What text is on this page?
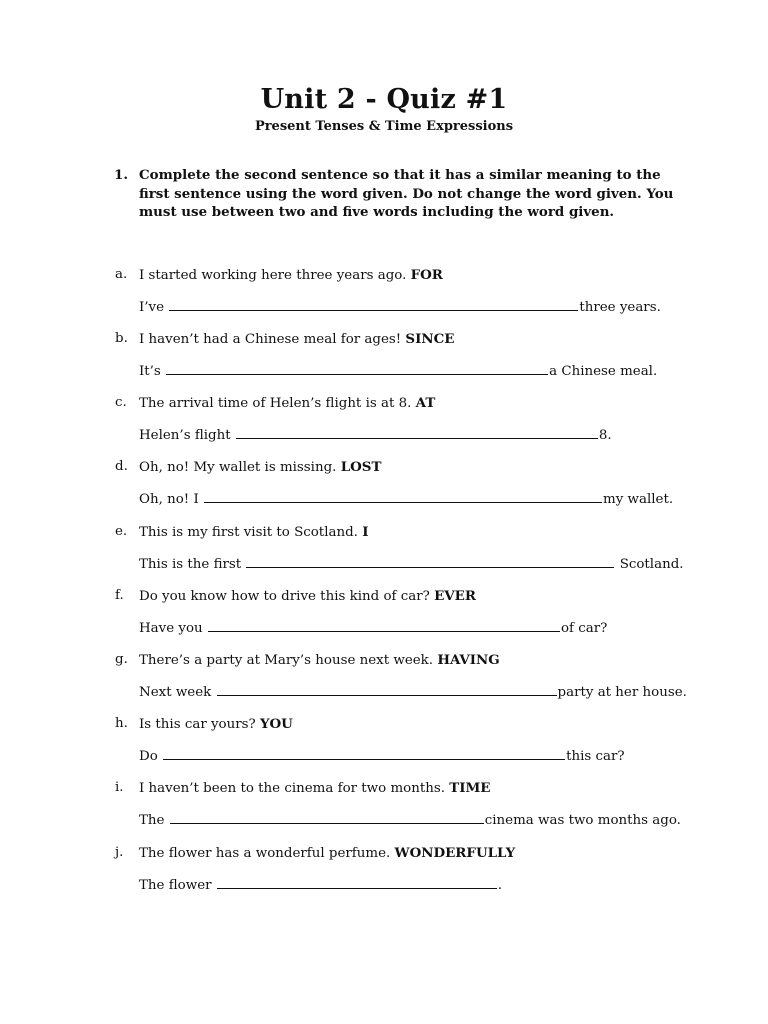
Unit 2 - Quiz #1
Present Tenses & Time Expressions
1. Complete the second sentence so that it has a similar meaning to the first sentence using the word given. Do not change the word given. You must use between two and five words including the word given.
a. I started working here three years ago. FOR
I’ve	three years.
b. I haven’t had a Chinese meal for ages! SINCE
It’s	a Chinese meal.
c. The arrival time of Helen’s flight is at 8. AT
Helen’s flight	8.
d. Oh, no! My wallet is missing. LOST
Oh, no! I	my wallet.
e. This is my first visit to Scotland. I
This is the first	Scotland.
f.	Do you know how to drive this kind of car? EVER
Have you	of car?
g. There’s a party at Mary’s house next week. HAVING
Next week	party at her house.
h. Is this car yours? YOU
Do	this car?
i.	I haven’t been to the cinema for two months. TIME
The	cinema was two months ago.
j.	The flower has a wonderful perfume. WONDERFULLY
The flower	.
